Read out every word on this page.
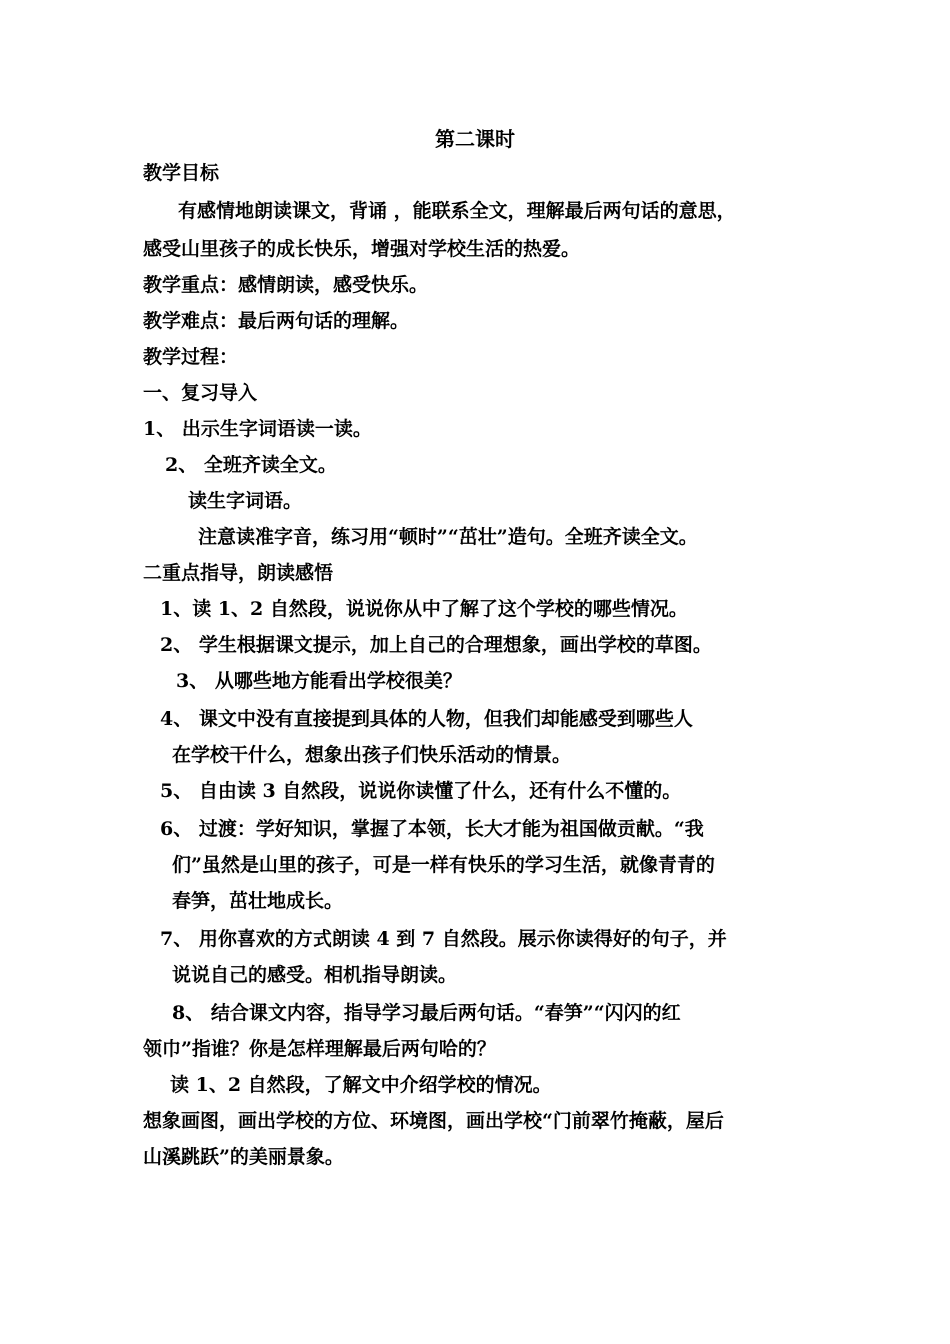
第二课时
教学目标
有感情地朗读课文，背诵 ，能联系全文，理解最后两句话的意思，
感受山里孩子的成长快乐，增强对学校生活的热爱。
教学重点：感情朗读，感受快乐。
教学难点：最后两句话的理解。
教学过程：
一、复习导入
1、 出示生字词语读一读。
2、 全班齐读全文。
读生字词语。
注意读准字音，练习用“顿时”“茁壮”造句。全班齐读全文。
二重点指导，朗读感悟
1、读 1、2 自然段，说说你从中了解了这个学校的哪些情况。
2、 学生根据课文提示，加上自己的合理想象，画出学校的草图。
3、 从哪些地方能看出学校很美？
4、 课文中没有直接提到具体的人物，但我们却能感受到哪些人
在学校干什么，想象出孩子们快乐活动的情景。
5、 自由读 3 自然段，说说你读懂了什么，还有什么不懂的。
6、 过渡：学好知识，掌握了本领，长大才能为祖国做贡献。“我
们”虽然是山里的孩子，可是一样有快乐的学习生活，就像青青的
春笋，茁壮地成长。
7、 用你喜欢的方式朗读 4 到 7 自然段。展示你读得好的句子，并
说说自己的感受。相机指导朗读。
8、 结合课文内容，指导学习最后两句话。“春笋”“闪闪的红
领巾”指谁？你是怎样理解最后两句哈的？
读 1、2 自然段，了解文中介绍学校的情况。
想象画图，画出学校的方位、环境图，画出学校“门前翠竹掩蔽，屋后
山溪跳跃”的美丽景象。
